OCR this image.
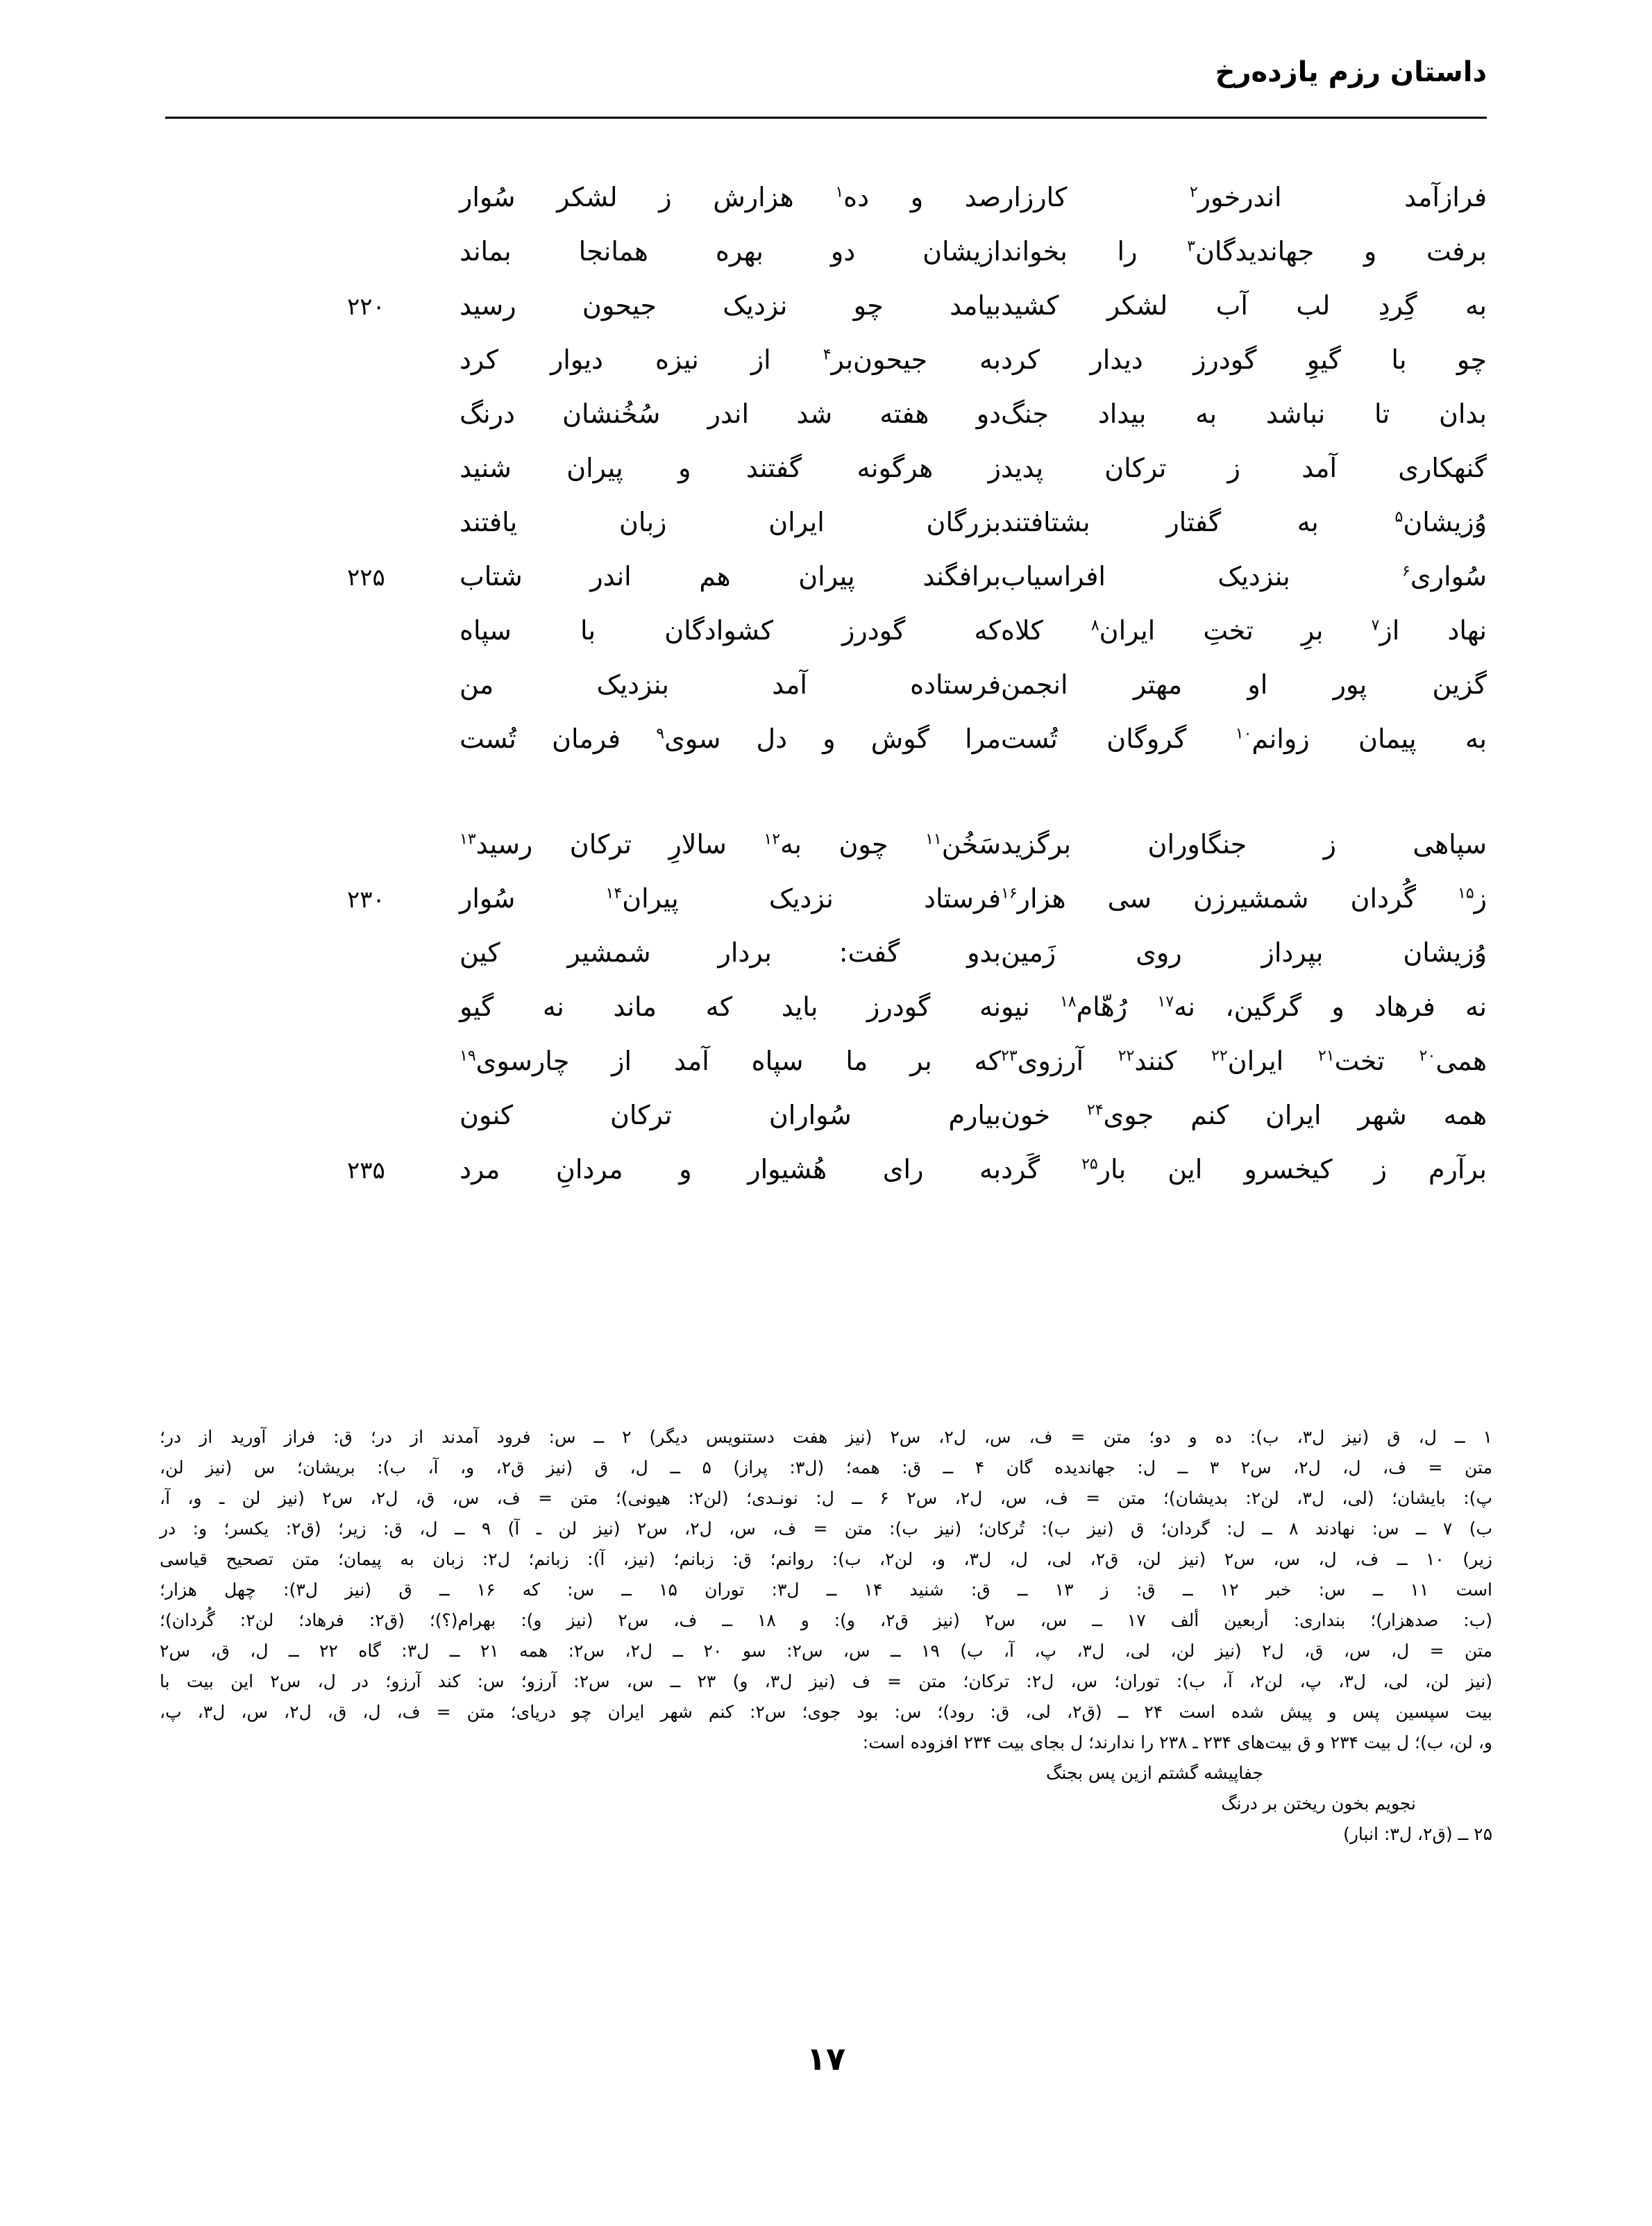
داستان رزم یازده‌رخ
فرازآمد
اندرخور$^۲$
کارزار
صد
و
ده$^۱$
هزارش
ز
لشکر
سُوار
برفت
و
جهاندیدگان$^۳$
را
بخواند
ازیشان
دو
بهره
همانجا
بماند
به
گِردِ
لب
آب
لشکر
کشید
بیامد
چو
نزدیک
جیحون
رسید
۲۲۰
چو
با
گیوِ
گودرز
دیدار
کرد
به
جیحون‌بر$^۴$
از
نیزه
دیوار
کرد
بدان
تا
نباشد
به
بیداد
جنگ
دو
هفته
شد
اندر
سُخُنشان
درنگ
گنهکاری
آمد
ز
ترکان
پدید
ز
هرگونه
گفتند
و
پیران
شنید
وُزیشان$^۵$
به
گفتار
بشتافتند
بزرگان
ایران
زبان
یافتند
سُواری$^۶$
بنزدیک
افراسیاب
برافگند
پیران
هم
اندر
شتاب
۲۲۵
نهاد
از$^۷$
برِ
تختِ
ایران$^۸$
کلاه
که
گودرز
کشوادگان
با
سپاه
گزین
پور
او
مهتر
انجمن
فرستاده
آمد
بنزدیک
من
به
پیمان
زوانم$^{۱۰}$
گروگان
تُست
مرا
گوش
و
دل
سوی$^۹$
فرمان
تُست
سپاهی
ز
جنگاوران
برگزید
سَخُن$^{۱۱}$
چون
به$^{۱۲}$
سالارِ
ترکان
رسید$^{۱۳}$
ز$^{۱۵}$
گُردان
شمشیرزن
سی
هزار$^{۱۶}$
فرستاد
نزدیک
پیران$^{۱۴}$
سُوار
۲۳۰
وُزیشان
بپرداز
روی
زَمین
بدو
گفت:
بردار
شمشیر
کین
نه
فرهاد
و
گرگین،
نه$^{۱۷}$
رُهّام$^{۱۸}$
نیو
نه
گودرز
باید
که
ماند
نه
گیو
همی$^{۲۰}$
تخت$^{۲۱}$
ایران$^{۲۲}$
کنند$^{۲۲}$
آرزوی$^{۲۳}$
که
بر
ما
سپاه
آمد
از
چارسوی$^{۱۹}$
همه
شهر
ایران
کنم
جوی$^{۲۴}$
خون
بیارم
سُواران
ترکان
کنون
برآرم
ز
کیخسرو
این
بار$^{۲۵}$
گَرد
به
رای
هُشیوار
و
مردانِ
مرد
۲۳۵
۱ ــ ل، ق (نیز ل۳، ب): ده و دو؛ متن = ف، س، ل۲، س۲ (نیز هفت دستنویس دیگر) ۲ ــ س: فرود آمدند از در؛ ق: فراز آورید از در؛
متن = ف، ل، ل۲، س۲ ۳ ــ ل: جهاندیده گان ۴ ــ ق: همه؛ (ل۳: پراز) ۵ ــ ل، ق (نیز ق۲، و، آ، ب): بریشان؛ س (نیز لن،
پ): بایشان؛ (لی، ل۳، لن۲: بدیشان)؛ متن = ف، س، ل۲، س۲ ۶ ــ ل: نونـدی؛ (لن۲: هیونی)؛ متن = ف، س، ق، ل۲، س۲ (نیز لن ـ و، آ،
ب) ۷ ــ س: نهادند ۸ ــ ل: گردان؛ ق (نیز ب): تُرکان؛ (نیز ب): متن = ف، س، ل۲، س۲ (نیز لن ـ آ) ۹ ــ ل، ق: زیر؛ (ق۲: یکسر؛ و: در
زیر) ۱۰ ــ ف، ل، س، س۲ (نیز لن، ق۲، لی، ل، ل۳، و، لن۲، ب): روانم؛ ق: زبانم؛ (نیز، آ): زبانم؛ ل۲: زبان به پیمان؛ متن تصحیح قیاسی
است ۱۱ ــ س: خبر ۱۲ ــ ق: ز ۱۳ ــ ق: شنید ۱۴ ــ ل۳: توران ۱۵ ــ س: که ۱۶ ــ ق (نیز ل۳): چهل هزار؛
(ب: صدهزار)؛ بنداری: أربعین ألف ۱۷ ــ س، س۲ (نیز ق۲، و): و ۱۸ ــ ف، س۲ (نیز و): بهرام(؟)؛ (ق۲: فرهاد؛ لن۲: گُردان)؛
متن = ل، س، ق، ل۲ (نیز لن، لی، ل۳، پ، آ، ب) ۱۹ ــ س، س۲: سو ۲۰ ــ ل۲، س۲: همه ۲۱ ــ ل۳: گاه ۲۲ ــ ل، ق، س۲
(نیز لن، لی، ل۳، پ، لن۲، آ، ب): توران؛ س، ل۲: ترکان؛ متن = ف (نیز ل۳، و) ۲۳ ــ س، س۲: آرزو؛ س: کند آرزو؛ در ل، س۲ این بیت با
بیت سپسین پس و پیش شده است ۲۴ ــ (ق۲، لی، ق: رود)؛ س: بود جوی؛ س۲: کنم شهر ایران چو دریای؛ متن = ف، ل، ق، ل۲، س، ل۳، پ،
و، لن، ب)؛ ل بیت ۲۳۴ و ق بیت‌های ۲۳۴ ـ ۲۳۸ را ندارند؛ ل بجای بیت ۲۳۴ افزوده است:
جفاپیشه گشتم ازین پس بجنگ
نجویم بخون ریختن بر درنگ
۲۵ ــ (ق۲، ل۳: انبار)
۱۷
